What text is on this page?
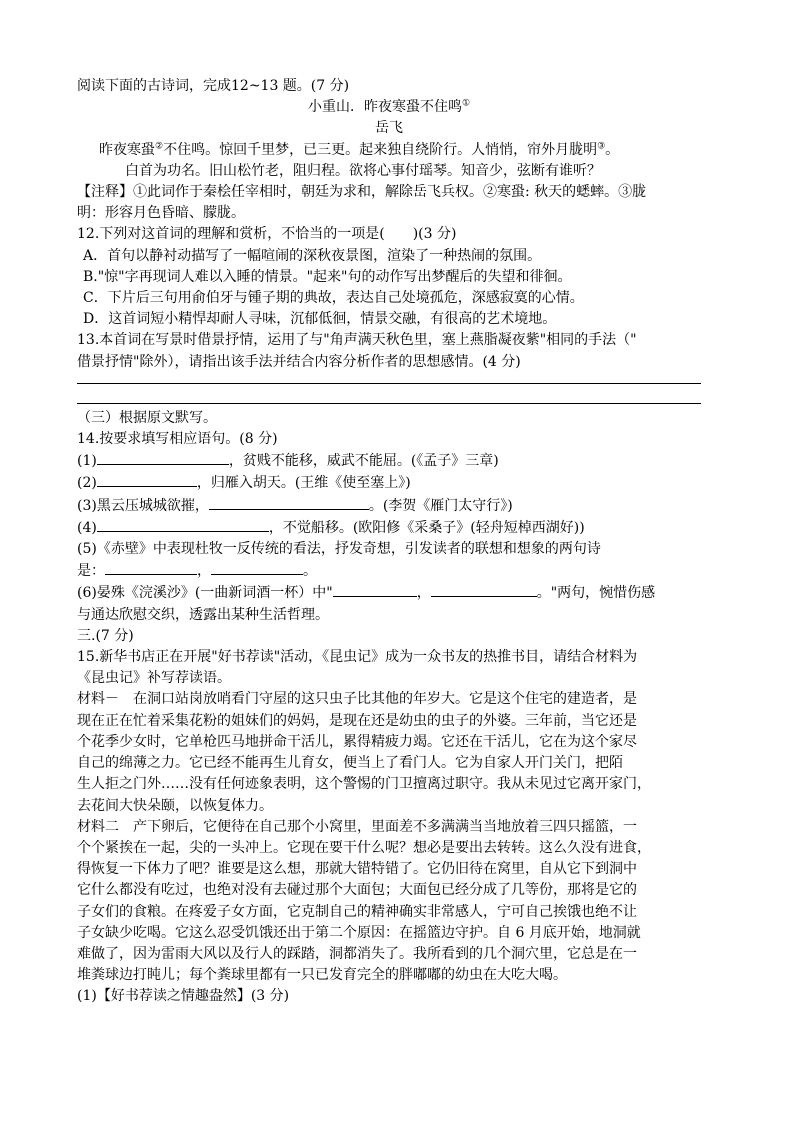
阅读下面的古诗词，完成12~13 题。(7 分)
小重山．昨夜寒蛩不住鸣①
岳飞
昨夜寒蛩②不住鸣。惊回千里梦，已三更。起来独自绕阶行。人悄悄，帘外月胧明③。
白首为功名。旧山松竹老，阻归程。欲将心事付瑶琴。知音少，弦断有谁听？
【注释】①此词作于秦桧任宰相时，朝廷为求和，解除岳飞兵权。②寒蛩: 秋天的蟋蟀。③胧
明：形容月色昏暗、朦胧。
12.下列对这首词的理解和赏析，不恰当的一项是(　　)(3 分)
A．首句以静衬动描写了一幅喧闹的深秋夜景图，渲染了一种热闹的氛围。
B."惊"字再现词人难以入睡的情景。"起来"句的动作写出梦醒后的失望和徘徊。
C．下片后三句用俞伯牙与锺子期的典故，表达自己处境孤危，深感寂寞的心情。
D．这首词短小精悍却耐人寻味，沉郁低徊，情景交融，有很高的艺术境地。
13.本首词在写景时借景抒情，运用了与"角声满天秋色里，塞上燕脂凝夜紫"相同的手法（"
借景抒情"除外），请指出该手法并结合内容分析作者的思想感情。(4 分)
（三）根据原文默写。
14.按要求填写相应语句。(8 分)
(1)	，贫贱不能移，威武不能屈。(《孟子》三章)
(2)	，归雁入胡天。(王维《使至塞上》)
(3)黑云压城城欲摧，	。(李贺《雁门太守行》)
(4)	，不觉船移。(欧阳修《采桑子》(轻舟短棹西湖好))
(5)《赤壁》中表现杜牧一反传统的看法，抒发奇想，引发读者的联想和想象的两句诗
是：	，	。
(6)晏殊《浣溪沙》(一曲新词酒一杯）中"	，	。"两句，惋惜伤感
与通达欣慰交织，透露出某种生活哲理。
三.(7 分)
15.新华书店正在开展"好书荐读"活动，《昆虫记》成为一众书友的热推书目，请结合材料为
《昆虫记》补写荐读语。
材料－　在洞口站岗放哨看门守屋的这只虫子比其他的年岁大。它是这个住宅的建造者，是
现在正在忙着采集花粉的姐妹们的妈妈，是现在还是幼虫的虫子的外婆。三年前，当它还是
个花季少女时，它单枪匹马地拼命干活儿，累得精疲力竭。它还在干活儿，它在为这个家尽
自己的绵薄之力。它已经不能再生儿育女，便当上了看门人。它为自家人开门关门，把陌
生人拒之门外……没有任何迹象表明，这个警惕的门卫擅离过职守。我从未见过它离开家门，
去花间大快朵颐，以恢复体力。
材料二　产下卵后，它便待在自己那个小窝里，里面差不多满满当当地放着三四只摇篮，一
个个紧挨在一起，尖的一头冲上。它现在要干什么呢？想必是要出去转转。这么久没有进食，
得恢复一下体力了吧？谁要是这么想，那就大错特错了。它仍旧待在窝里，自从它下到洞中
它什么都没有吃过，也绝对没有去碰过那个大面包；大面包已经分成了几等份，那将是它的
子女们的食粮。在疼爱子女方面，它克制自己的精神确实非常感人，宁可自己挨饿也绝不让
子女缺少吃喝。它这么忍受饥饿还出于第二个原因：在摇篮边守护。自 6 月底开始，地洞就
难做了，因为雷雨大风以及行人的踩踏，洞都消失了。我所看到的几个洞穴里，它总是在一
堆粪球边打盹儿；每个粪球里都有一只已发育完全的胖嘟嘟的幼虫在大吃大喝。
(1)【好书荐读之情趣盎然】(3 分)
